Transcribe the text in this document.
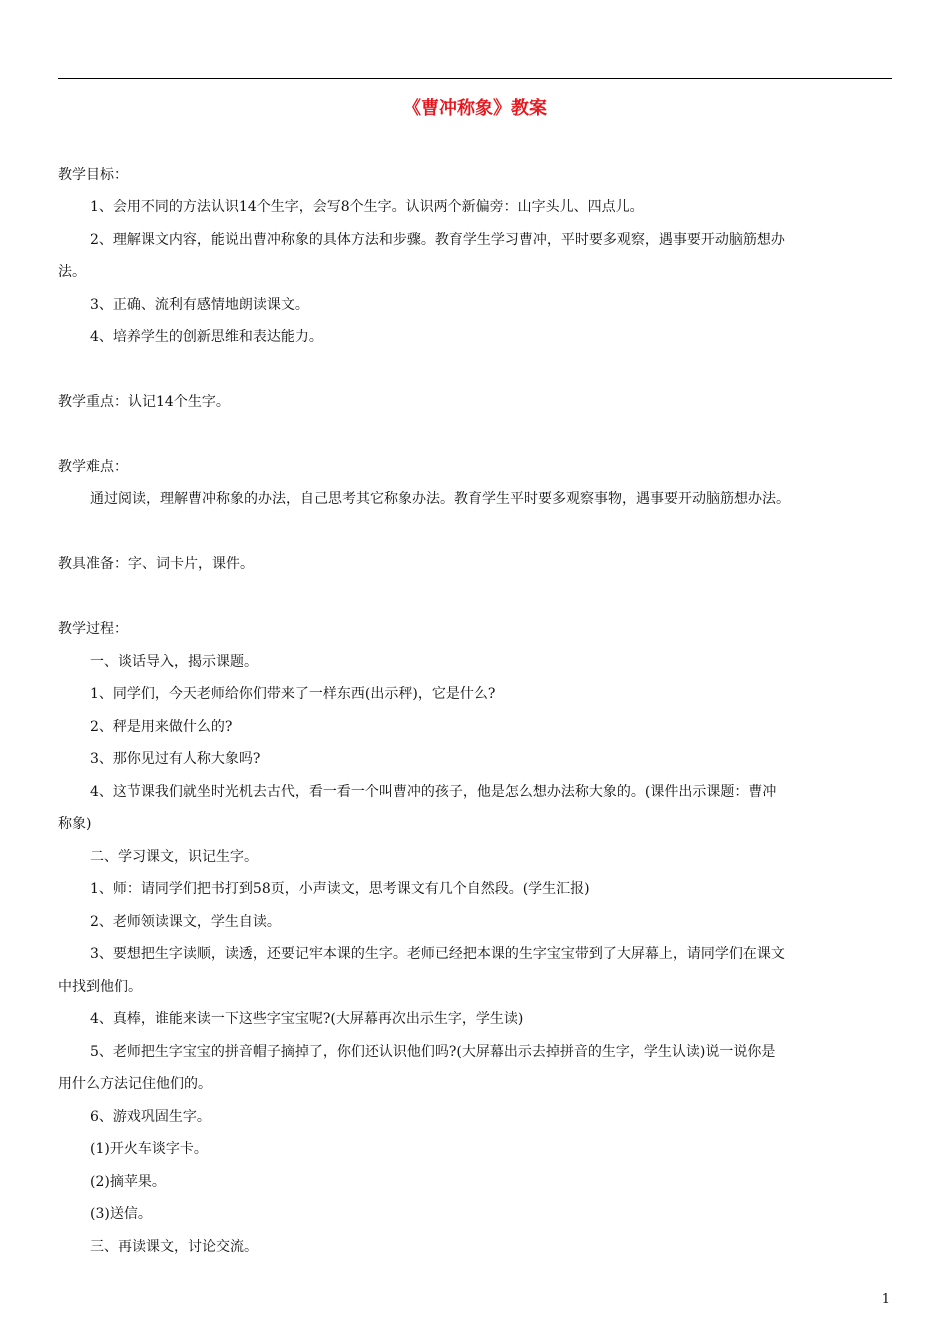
《曹冲称象》教案
教学目标：
1、会用不同的方法认识14个生字，会写8个生字。认识两个新偏旁：山字头儿、四点儿。
2、理解课文内容，能说出曹冲称象的具体方法和步骤。教育学生学习曹冲，平时要多观察，遇事要开动脑筋想办
法。
3、正确、流利有感情地朗读课文。
4、培养学生的创新思维和表达能力。
教学重点：认记14个生字。
教学难点：
通过阅读，理解曹冲称象的办法，自己思考其它称象办法。教育学生平时要多观察事物，遇事要开动脑筋想办法。
教具准备：字、词卡片，课件。
教学过程：
一、谈话导入，揭示课题。
1、同学们，今天老师给你们带来了一样东西(出示秤)，它是什么?
2、秤是用来做什么的?
3、那你见过有人称大象吗?
4、这节课我们就坐时光机去古代，看一看一个叫曹冲的孩子，他是怎么想办法称大象的。(课件出示课题：曹冲
称象)
二、学习课文，识记生字。
1、师：请同学们把书打到58页，小声读文，思考课文有几个自然段。(学生汇报)
2、老师领读课文，学生自读。
3、要想把生字读顺，读透，还要记牢本课的生字。老师已经把本课的生字宝宝带到了大屏幕上，请同学们在课文
中找到他们。
4、真棒，谁能来读一下这些字宝宝呢?(大屏幕再次出示生字，学生读)
5、老师把生字宝宝的拼音帽子摘掉了，你们还认识他们吗?(大屏幕出示去掉拼音的生字，学生认读)说一说你是
用什么方法记住他们的。
6、游戏巩固生字。
(1)开火车谈字卡。
(2)摘苹果。
(3)送信。
三、再读课文，讨论交流。
1
